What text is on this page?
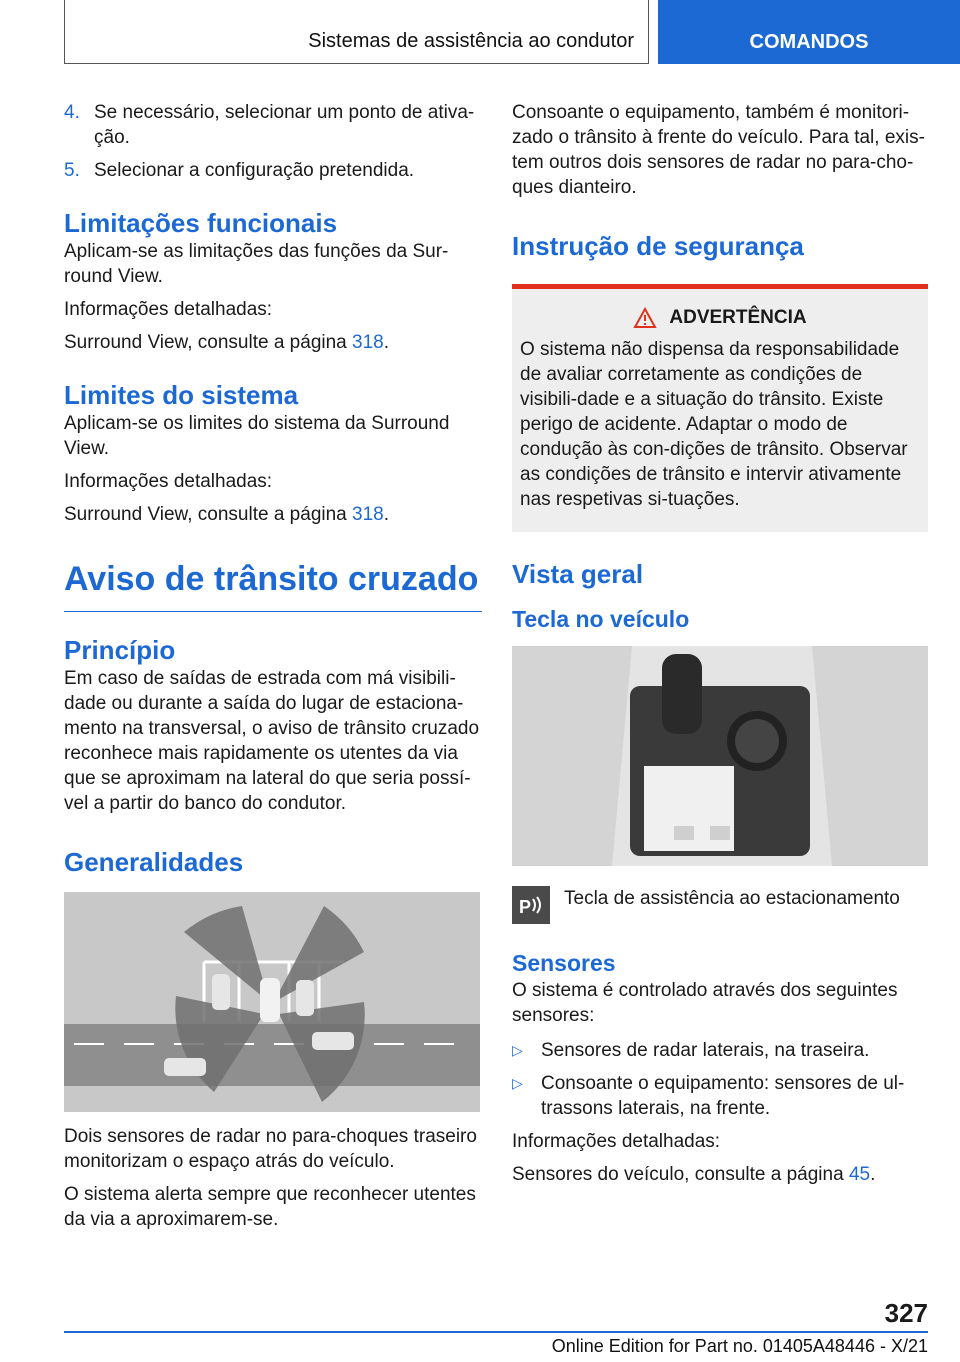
Sistemas de assistência ao condutor	COMANDOS
4. Se necessário, selecionar um ponto de ativa-ção.
5. Selecionar a configuração pretendida.
Limitações funcionais

Aplicam-se as limitações das funções da Sur-round View.

Informações detalhadas:

Surround View, consulte a página 318.

Limites do sistema

Aplicam-se os limites do sistema da Surround View.

Informações detalhadas:

Surround View, consulte a página 318.

Aviso de trânsito cruzado
Princípio

Em caso de saídas de estrada com má visibili-dade ou durante a saída do lugar de estaciona-mento na transversal, o aviso de trânsito cruzado reconhece mais rapidamente os utentes da via que se aproximam na lateral do que seria possí-vel a partir do banco do condutor.

Generalidades

Dois sensores de radar no para-choques traseiro monitorizam o espaço atrás do veículo.

O sistema alerta sempre que reconhecer utentes da via a aproximarem-se.

Consoante o equipamento, também é monitori-zado o trânsito à frente do veículo. Para tal, exis-tem outros dois sensores de radar no para-cho-ques dianteiro.

Instrução de segurança
ADVERTÊNCIA

O sistema não dispensa da responsabilidade de avaliar corretamente as condições de visibili-dade e a situação do trânsito. Existe perigo de acidente. Adaptar o modo de condução às con-dições de trânsito. Observar as condições de trânsito e intervir ativamente nas respetivas si-tuações.

Vista geral
Tecla no veículo
P Tecla de assistência ao estacionamento

Sensores

O sistema é controlado através dos seguintes sensores:

▷ Sensores de radar laterais, na traseira.
▷ Consoante o equipamento: sensores de ul-trassons laterais, na frente.

Informações detalhadas:

Sensores do veículo, consulte a página 45.

327
Online Edition for Part no. 01405A48446 - X/21
